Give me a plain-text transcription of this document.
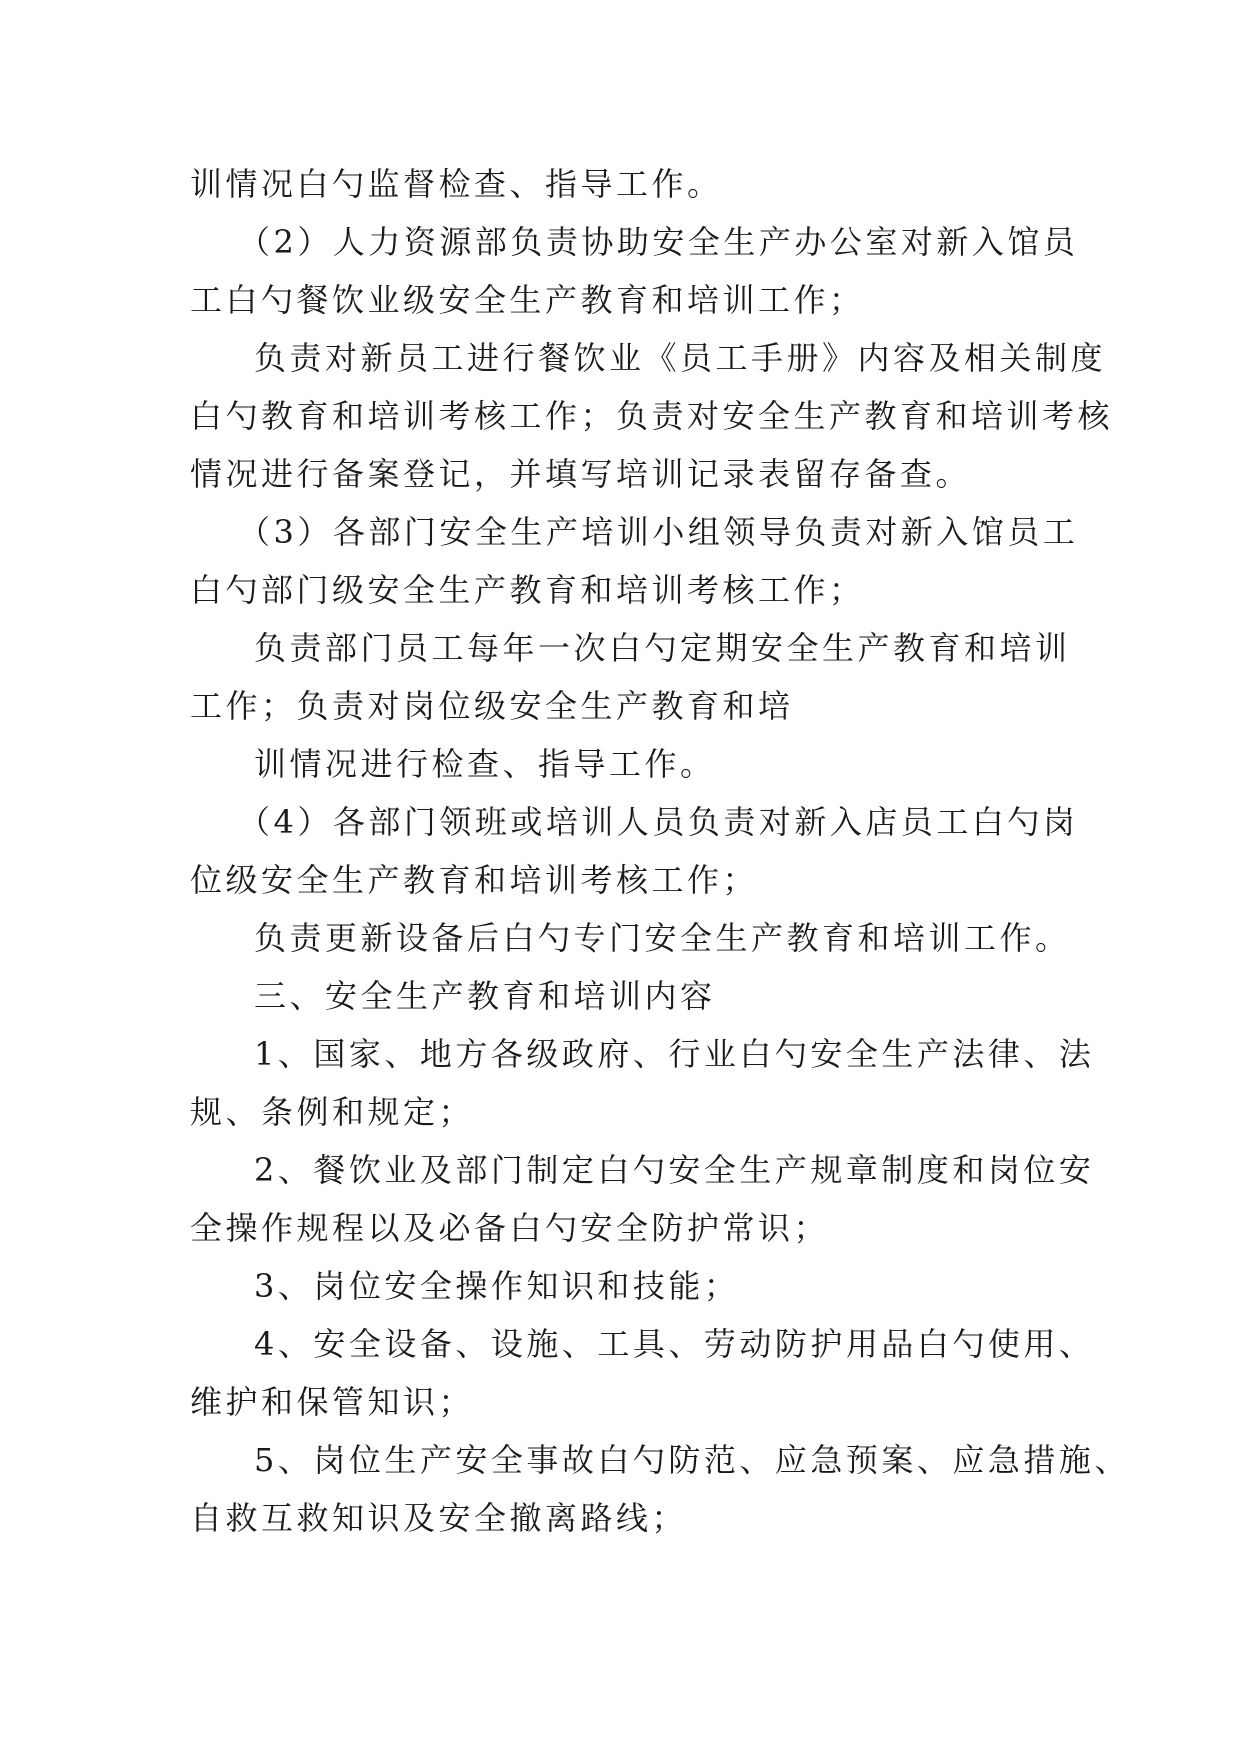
训情况白勺监督检查、指导工作。
（2）人力资源部负责协助安全生产办公室对新入馆员
工白勺餐饮业级安全生产教育和培训工作；
负责对新员工进行餐饮业《员工手册》内容及相关制度
白勺教育和培训考核工作；负责对安全生产教育和培训考核
情况进行备案登记，并填写培训记录表留存备查。
（3）各部门安全生产培训小组领导负责对新入馆员工
白勺部门级安全生产教育和培训考核工作；
负责部门员工每年一次白勺定期安全生产教育和培训
工作；负责对岗位级安全生产教育和培
训情况进行检查、指导工作。
（4）各部门领班或培训人员负责对新入店员工白勺岗
位级安全生产教育和培训考核工作；
负责更新设备后白勺专门安全生产教育和培训工作。
三、安全生产教育和培训内容
1、国家、地方各级政府、行业白勺安全生产法律、法
规、条例和规定；
2、餐饮业及部门制定白勺安全生产规章制度和岗位安
全操作规程以及必备白勺安全防护常识；
3、岗位安全操作知识和技能；
4、安全设备、设施、工具、劳动防护用品白勺使用、
维护和保管知识；
5、岗位生产安全事故白勺防范、应急预案、应急措施、
自救互救知识及安全撤离路线；
